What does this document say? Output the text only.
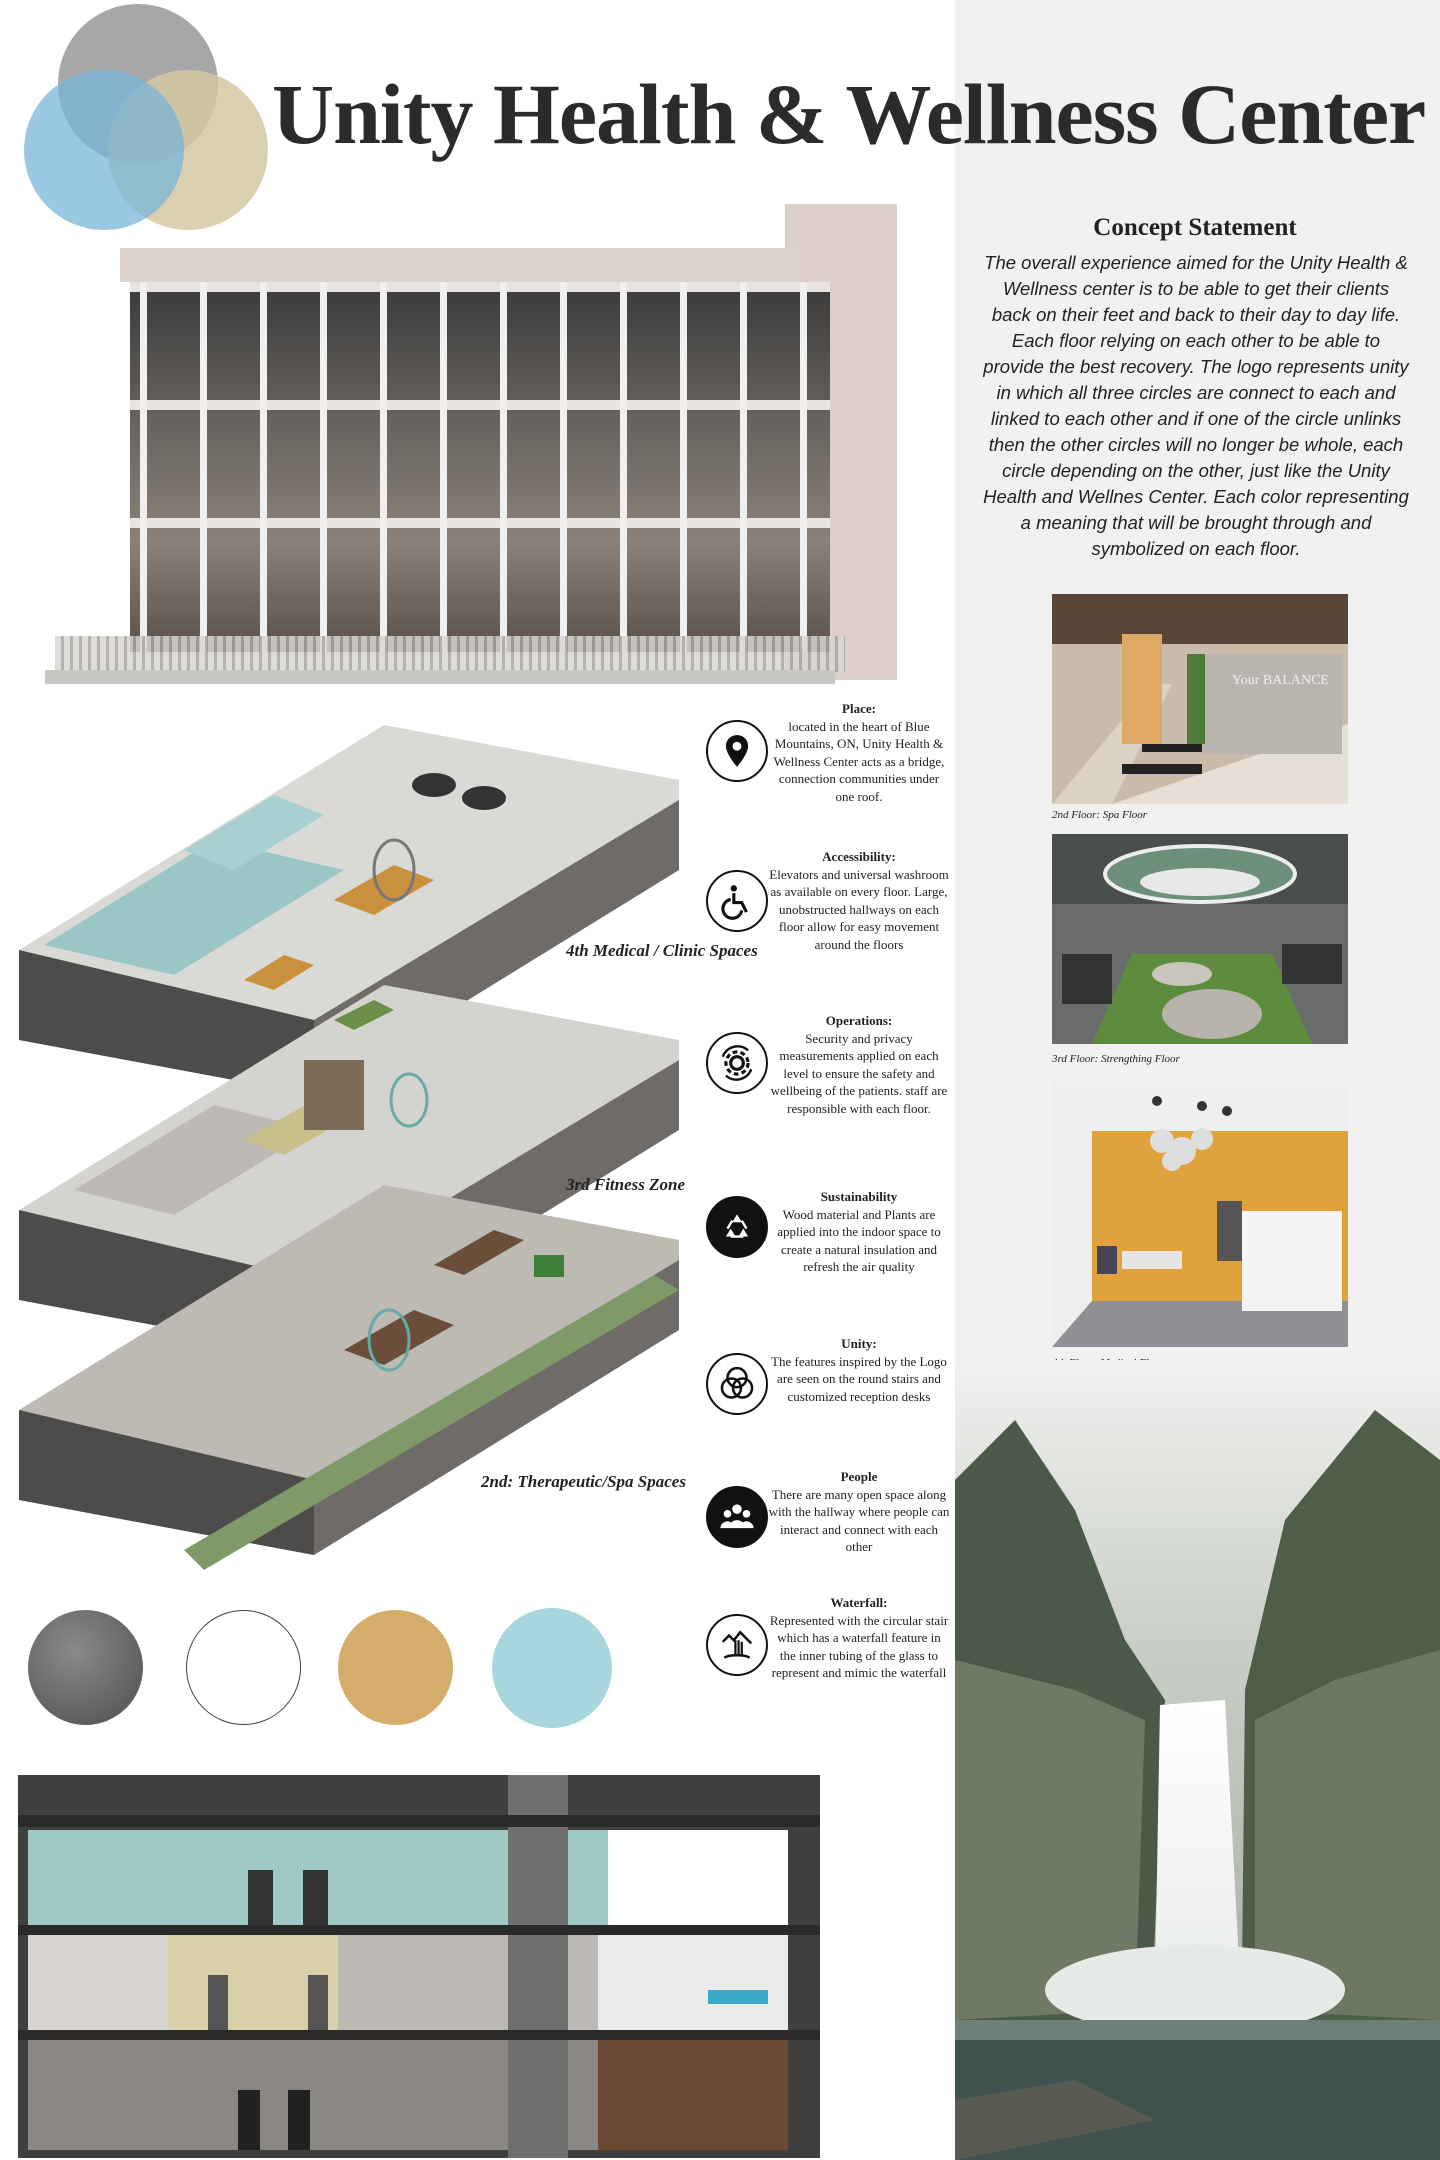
Unity Health & Wellness Center
Concept Statement

The overall experience aimed for the Unity Health & Wellness center is to be able to get their clients back on their feet and back to their day to day life. Each floor relying on each other to be able to provide the best recovery. The logo represents unity in which all three circles are connect to each and linked to each other and if one of the circle unlinks then the other circles will no longer be whole, each circle depending on the other, just like the Unity Health and Wellnes Center. Each color representing a meaning that will be brought through and symbolized on each floor.

4th Medical / Clinic Spaces
3rd Fitness Zone
2nd: Therapeutic/Spa Spaces
Place:
located in the heart of Blue Mountains, ON, Unity Health & Wellness Center acts as a bridge, connection communities under one roof.
Accessibility:
Elevators and universal washroom as available on every floor. Large, unobstructed hallways on each floor allow for easy movement around the floors
Operations:
Security and privacy measurements applied on each level to ensure the safety and wellbeing of the patients. staff are responsible with each floor.
Sustainability
Wood material and Plants are applied into the indoor space to create a natural insulation and refresh the air quality
Unity:
The features inspired by the Logo are seen on the round stairs and customized reception desks
People
There are many open space along with the hallway where people can interact and connect with each other
Waterfall:
Represented with the circular stair which has a waterfall feature in the inner tubing of the glass to represent and mimic the waterfall
Your BALANCE
2nd Floor: Spa Floor
3rd Floor: Strengthing Floor
